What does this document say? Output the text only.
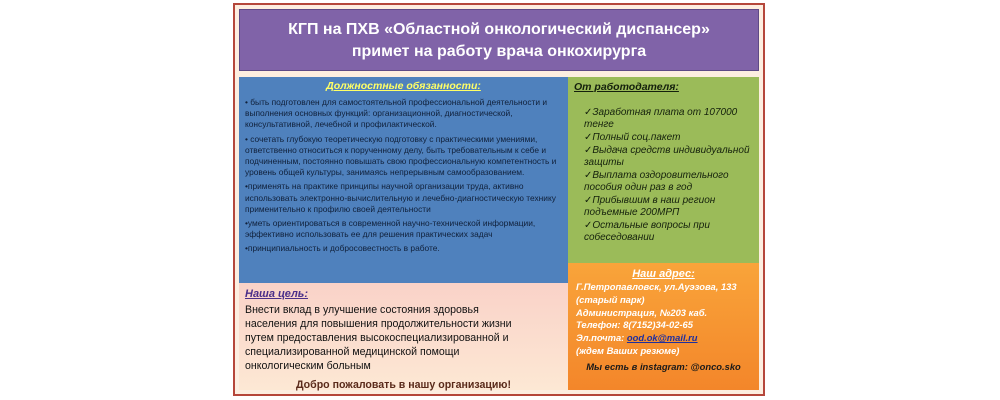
КГП на ПХВ «Областной онкологический диспансер»
примет на работу врача онкохирурга
Должностные обязанности:
• быть подготовлен для самостоятельной профессиональной деятельности и выполнения основных функций: организационной, диагностической, консультативной, лечебной и профилактической.
• сочетать глубокую теоретическую подготовку с практическими умениями, ответственно относиться к порученному делу, быть требовательным к себе и подчиненным, постоянно повышать свою профессиональную компетентность и уровень общей культуры, занимаясь непрерывным самообразованием.
•применять на практике принципы научной организации труда, активно использовать электронно-вычислительную и лечебно-диагностическую технику применительно к профилю своей деятельности
•уметь ориентироваться в современной научно-технической информации, эффективно использовать ее для решения практических задач
•принципиальность и добросовестность в работе.
От работодателя:
✓Заработная плата от 107000 тенге
✓Полный соц.пакет
✓Выдача средств индивидуальной защиты
✓Выплата оздоровительного пособия один раз в год
✓Прибывшим в наш регион подъемные 200МРП
✓Остальные вопросы при собеседовании
Наша цель:
Внести вклад в улучшение состояния здоровья
населения для повышения продолжительности жизни
путем предоставления высокоспециализированной и
специализированной медицинской помощи
онкологическим больным
Добро пожаловать в нашу организацию!
Наш адрес:
Г.Петропавловск, ул.Ауэзова, 133
(старый парк)
Администрация, №203 каб.
Телефон: 8(7152)34-02-65
Эл.почта: ood.ok@mail.ru
(ждем Ваших резюме)
Мы есть в instagram: @onco.sko
